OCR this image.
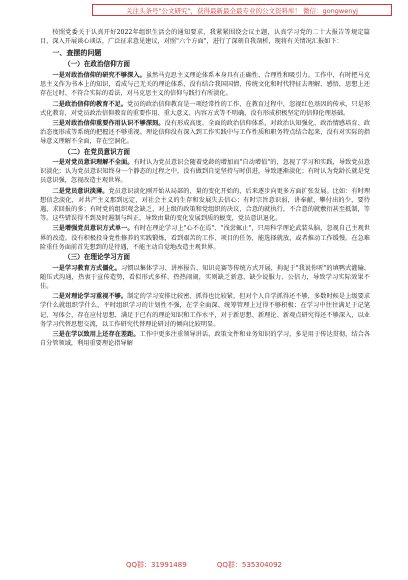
关注头条号"公文研究"，获得最新最全最专业的公文资料库！ 微信：gongwenyj

按照党委关于认真开好2022年组织生活会的通知要求，我紧紧围绕会议主题，认真学习党的二十大报告等规定篇目，深入开展谈心谈话，广泛征求意见建议，对照"六个方面"，进行了深刻自我剖析，现将有关情况汇报如下：

一、查摆的问题
（一）在政治信仰方面

一是对政治信仰的研究不够深入。虽然马克思主义理论体系本身具有正确性、合理性和吸引力。工作中，有时把马克思主义作为书本上的知识，看成与己无关的理论体系，没有结合我国国情、传统文化和时代特征去理解、感悟，思想上还存在过时、不符合实际的看法，对马克思主义的信仰与践行有所淡化。

二是政治信仰的教育不足。党员的政治信仰教育是一项经常性的工作，在教育过程中，忽视红色基因的传承，只是形式化教育，对党员政治信仰教育的重要作用、重大意义、内容方式等不明确，没有形成积极坚定的信仰伦理基础。

三是对政治信仰重要作用认识不够深刻。没有形成高度、全面的政治信仰体系，对政治认知强化、政治情感培育、政治态度形成等系统的把握还不够重视。理论信仰没有深入到工作实践中与工作性质和职务特点结合起来，没有对实际的指导意义理解不全面，存在空洞化。

（二）在党员意识方面

一是对党员意识理解不全面。有时认为党员意识会随着党龄的增加而"自动增值"的，忽视了学习和实践，导致党员意识淡化；认为党员意识知终身一个静态的过程之中，没有做到自觉坚持与时俱进，导致逐渐淡化；有时认为党龄长就是党员意识强，忽视改造主观世界。

二是党员意识淡薄。党员意识淡化刚开始从局部的、量的变化开始的，后来逐步向更多方面扩张发展。比如：有时理想信念淡化，对共产主义那到远定，对社会主义的生存和发展失去信心；有时宗旨意识弱，讲奉献、攀付出的少，要待遇、求回报的多；有时党的组织观念缺乏，对上级的政策和党组织的决议，合意的就执行，不合意的就敷衍甚至抵制，等等。这些错误得不到及时遏制与纠正，导致由量的变化发展到质的蜕变，党员意识退化。

三是增强党员意识方式单一。有时在理论学习上"心不在焉"、"浅尝辄止"，只用科学理论武装头脑，忽视自己主观世界的改造。没有积极投身党性修养的实践锻炼，看到艰苦的工作、项目的任务，能选择就放，或者推动工作缓慢。在急难险重任务面前首先想到的是待遇，不能主动自觉地改造主观世界。

（三）在理论学习方面

一是学习教育方式僵化。习惯以集体学习、讲座报告、知识竞赛等传统方式开展，拘泥于"我说你听"的填鸭式灌输、随压式沟通，热衷于宣传造势，看似形式多样、热热闹闹，实则缺乏新意、缺少说服力、公信力，导致学习实际效果不佳。

二是对理论学习重视不够。制定的学习安排比较密、抓得也比较紧，但对个人自学抓得还不够，多数时候是上级要求学什么就组织学什么，平时组织学习的计划性不强，在学全面深、统筹管理上过得不够积极；在学习中往往满足于记笔记、写体会，存在应付思想，满足于已有的理论知识和工作水平，对于新思想、新理论、新观点研究得还不够深入，以业务学习代替思想交流，以工作研究代替理论研讨的倾向比较明显。

三是在学以致用上还存在差距。工作中更多注重领导讲话、政策文件和业务知识的学习，多是用于传达贯彻，结合各自分管领域，利用重要理论指导解

QQ群：31991489	QQ群：535304092
